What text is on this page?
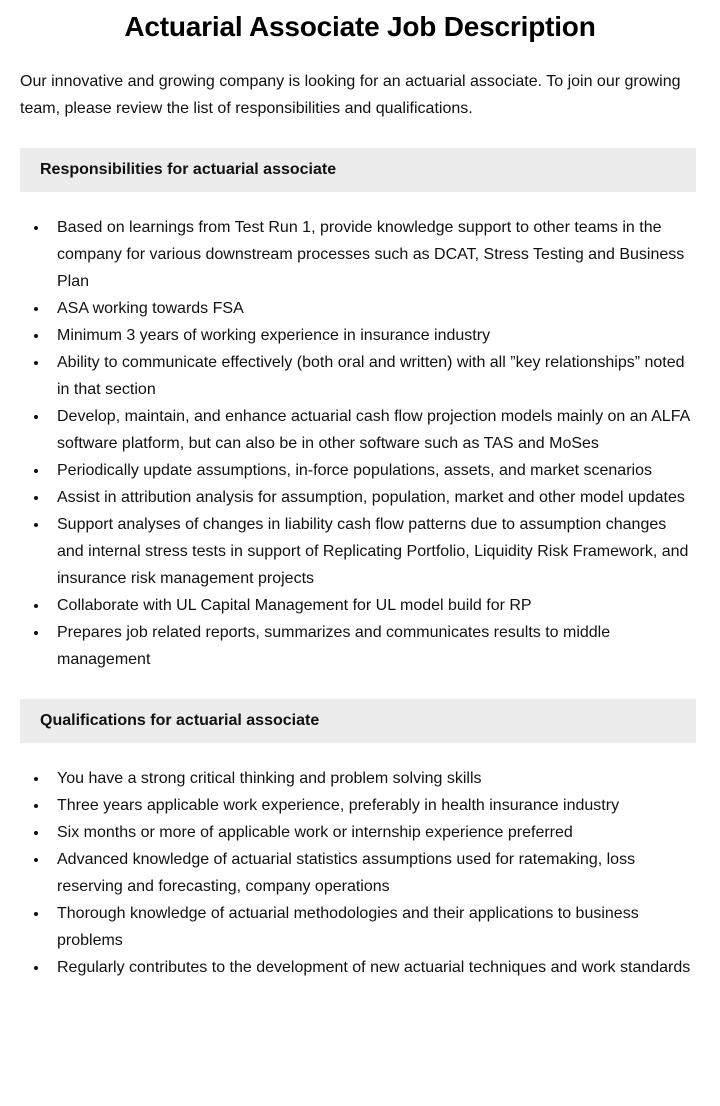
Actuarial Associate Job Description

Our innovative and growing company is looking for an actuarial associate. To join our growing team, please review the list of responsibilities and qualifications.

Responsibilities for actuarial associate
• Based on learnings from Test Run 1, provide knowledge support to other teams in the company for various downstream processes such as DCAT, Stress Testing and Business Plan
• ASA working towards FSA
• Minimum 3 years of working experience in insurance industry
• Ability to communicate effectively (both oral and written) with all ”key relationships” noted in that section
• Develop, maintain, and enhance actuarial cash flow projection models mainly on an ALFA software platform, but can also be in other software such as TAS and MoSes
• Periodically update assumptions, in-force populations, assets, and market scenarios
• Assist in attribution analysis for assumption, population, market and other model updates
• Support analyses of changes in liability cash flow patterns due to assumption changes and internal stress tests in support of Replicating Portfolio, Liquidity Risk Framework, and insurance risk management projects
• Collaborate with UL Capital Management for UL model build for RP
• Prepares job related reports, summarizes and communicates results to middle management
Qualifications for actuarial associate
• You have a strong critical thinking and problem solving skills
• Three years applicable work experience, preferably in health insurance industry
• Six months or more of applicable work or internship experience preferred
• Advanced knowledge of actuarial statistics assumptions used for ratemaking, loss reserving and forecasting, company operations
• Thorough knowledge of actuarial methodologies and their applications to business problems
• Regularly contributes to the development of new actuarial techniques and work standards
